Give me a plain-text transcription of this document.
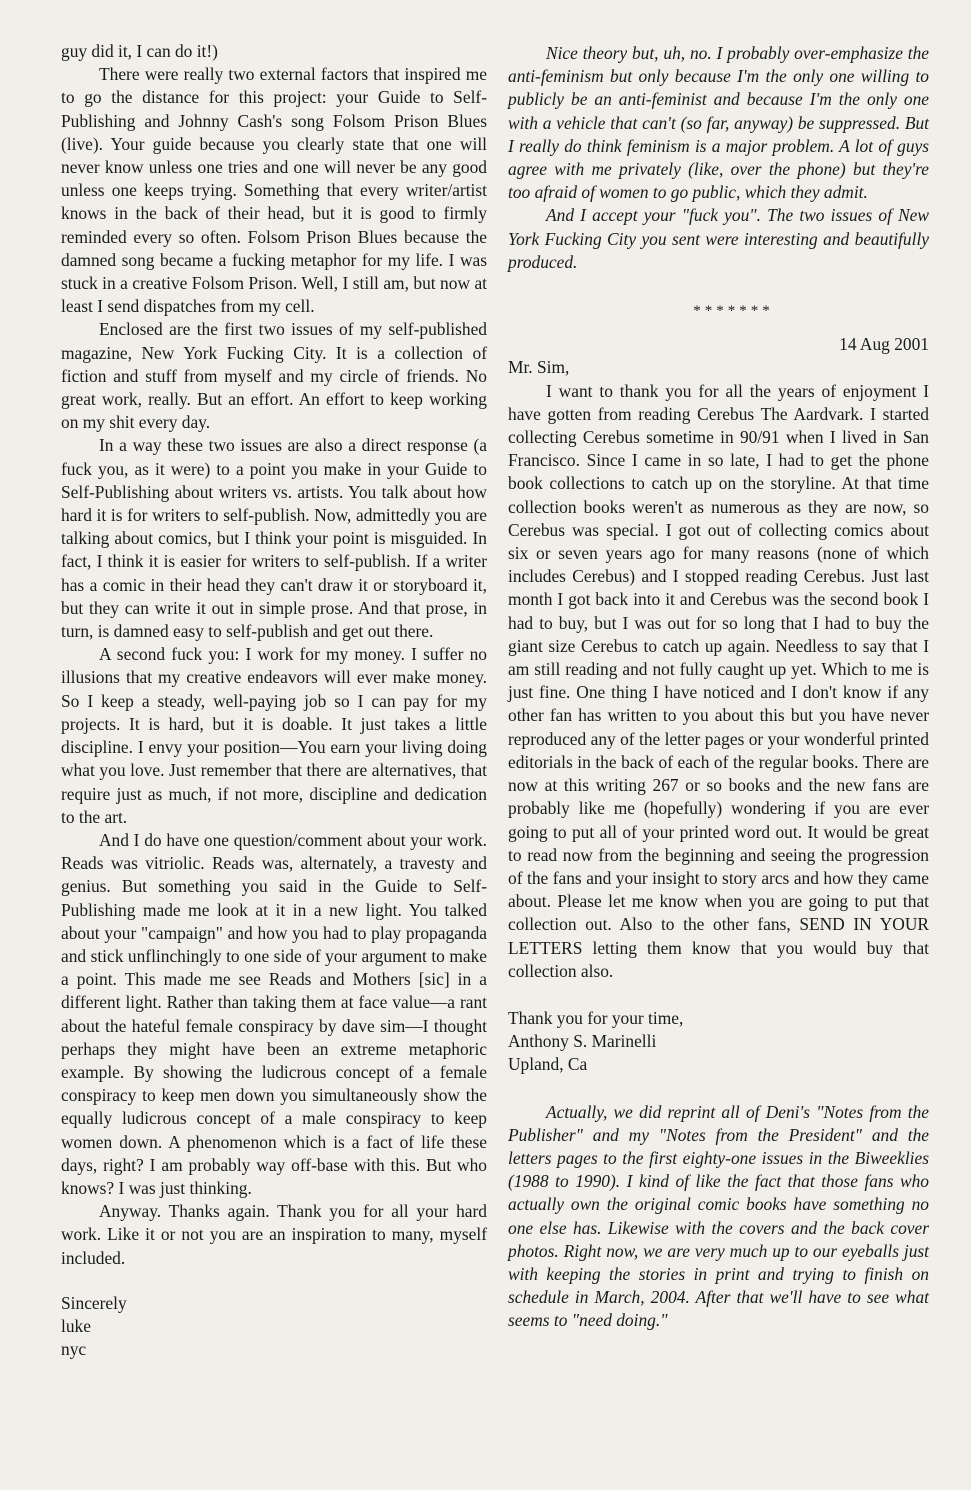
guy did it, I can do it!)

There were really two external factors that inspired me to go the distance for this project: your Guide to Self-Publishing and Johnny Cash's song Folsom Prison Blues (live). Your guide because you clearly state that one will never know unless one tries and one will never be any good unless one keeps trying. Something that every writer/artist knows in the back of their head, but it is good to firmly reminded every so often. Folsom Prison Blues because the damned song became a fucking metaphor for my life. I was stuck in a creative Folsom Prison. Well, I still am, but now at least I send dispatches from my cell.

Enclosed are the first two issues of my self-published magazine, New York Fucking City. It is a collection of fiction and stuff from myself and my circle of friends. No great work, really. But an effort. An effort to keep working on my shit every day.

In a way these two issues are also a direct response (a fuck you, as it were) to a point you make in your Guide to Self-Publishing about writers vs. artists. You talk about how hard it is for writers to self-publish. Now, admittedly you are talking about comics, but I think your point is misguided. In fact, I think it is easier for writers to self-publish. If a writer has a comic in their head they can't draw it or storyboard it, but they can write it out in simple prose. And that prose, in turn, is damned easy to self-publish and get out there.

A second fuck you: I work for my money. I suffer no illusions that my creative endeavors will ever make money. So I keep a steady, well-paying job so I can pay for my projects. It is hard, but it is doable. It just takes a little discipline. I envy your position—You earn your living doing what you love. Just remember that there are alternatives, that require just as much, if not more, discipline and dedication to the art.

And I do have one question/comment about your work. Reads was vitriolic. Reads was, alternately, a travesty and genius. But something you said in the Guide to Self-Publishing made me look at it in a new light. You talked about your "campaign" and how you had to play propaganda and stick unflinchingly to one side of your argument to make a point. This made me see Reads and Mothers [sic] in a different light. Rather than taking them at face value—a rant about the hateful female conspiracy by dave sim—I thought perhaps they might have been an extreme metaphoric example. By showing the ludicrous concept of a female conspiracy to keep men down you simultaneously show the equally ludicrous concept of a male conspiracy to keep women down. A phenomenon which is a fact of life these days, right? I am probably way off-base with this. But who knows? I was just thinking.

Anyway. Thanks again. Thank you for all your hard work. Like it or not you are an inspiration to many, myself included.

Sincerely

luke

nyc

Nice theory but, uh, no. I probably over-emphasize the anti-feminism but only because I'm the only one willing to publicly be an anti-feminist and because I'm the only one with a vehicle that can't (so far, anyway) be suppressed. But I really do think feminism is a major problem. A lot of guys agree with me privately (like, over the phone) but they're too afraid of women to go public, which they admit.

And I accept your "fuck you". The two issues of New York Fucking City you sent were interesting and beautifully produced.

*******

14 Aug 2001

Mr. Sim,

I want to thank you for all the years of enjoyment I have gotten from reading Cerebus The Aardvark. I started collecting Cerebus sometime in 90/91 when I lived in San Francisco. Since I came in so late, I had to get the phone book collections to catch up on the storyline. At that time collection books weren't as numerous as they are now, so Cerebus was special. I got out of collecting comics about six or seven years ago for many reasons (none of which includes Cerebus) and I stopped reading Cerebus. Just last month I got back into it and Cerebus was the second book I had to buy, but I was out for so long that I had to buy the giant size Cerebus to catch up again. Needless to say that I am still reading and not fully caught up yet. Which to me is just fine. One thing I have noticed and I don't know if any other fan has written to you about this but you have never reproduced any of the letter pages or your wonderful printed editorials in the back of each of the regular books. There are now at this writing 267 or so books and the new fans are probably like me (hopefully) wondering if you are ever going to put all of your printed word out. It would be great to read now from the beginning and seeing the progression of the fans and your insight to story arcs and how they came about. Please let me know when you are going to put that collection out. Also to the other fans, SEND IN YOUR LETTERS letting them know that you would buy that collection also.

Thank you for your time,

Anthony S. Marinelli

Upland, Ca

Actually, we did reprint all of Deni's "Notes from the Publisher" and my "Notes from the President" and the letters pages to the first eighty-one issues in the Biweeklies (1988 to 1990). I kind of like the fact that those fans who actually own the original comic books have something no one else has. Likewise with the covers and the back cover photos. Right now, we are very much up to our eyeballs just with keeping the stories in print and trying to finish on schedule in March, 2004. After that we'll have to see what seems to "need doing."
